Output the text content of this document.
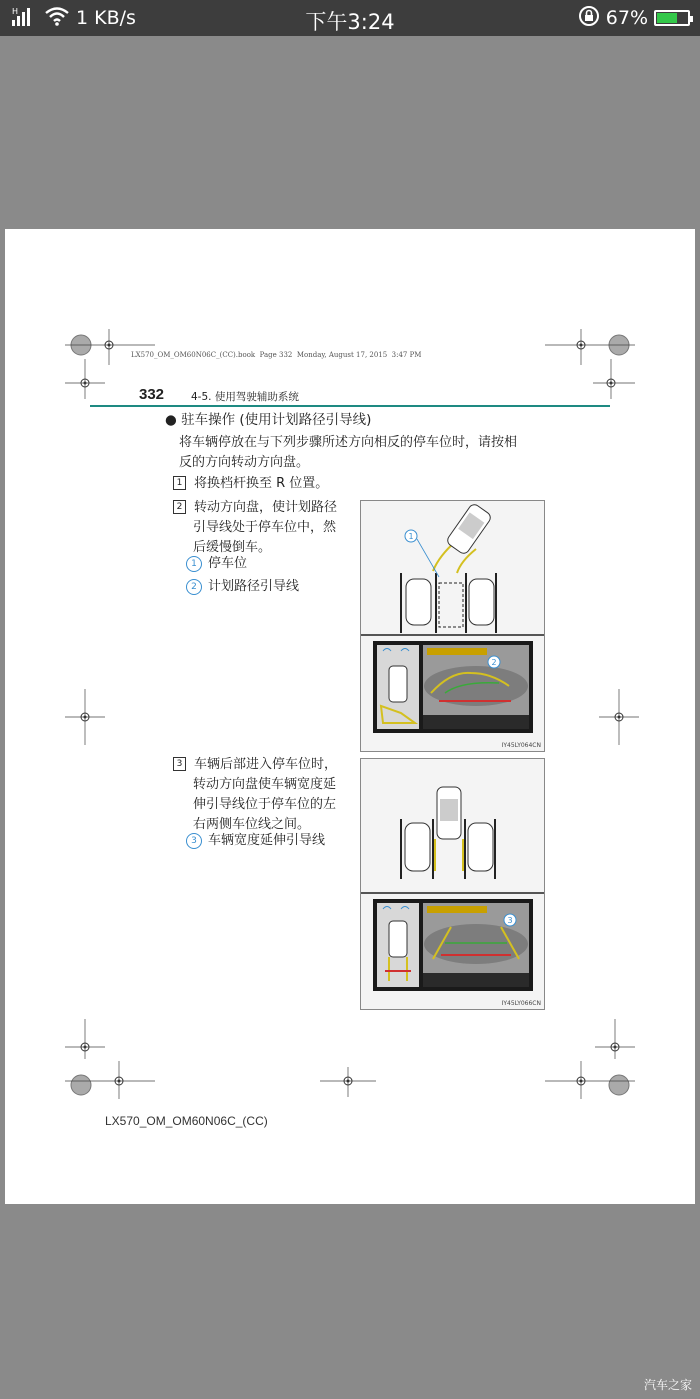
H	1 KB/s	下午3:24	67%
LX570_OM_OM60N06C_(CC).book  Page 332  Monday, August 17, 2015  3:47 PM
332	4-5. 使用驾驶辅助系统
● 驻车操作 (使用计划路径引导线)
将车辆停放在与下列步骤所述方向相反的停车位时，请按相
反的方向转动方向盘。
1 将换档杆换至 R 位置。
2 转动方向盘，使计划路径
引导线处于停车位中，然
后缓慢倒车。
1 停车位
2 计划路径引导线
3 车辆后部进入停车位时，
转动方向盘使车辆宽度延
伸引导线位于停车位的左
右两侧车位线之间。
3 车辆宽度延伸引导线
1
2
IY45LY064CN
3
IY45LY066CN
LX570_OM_OM60N06C_(CC)
汽车之家
